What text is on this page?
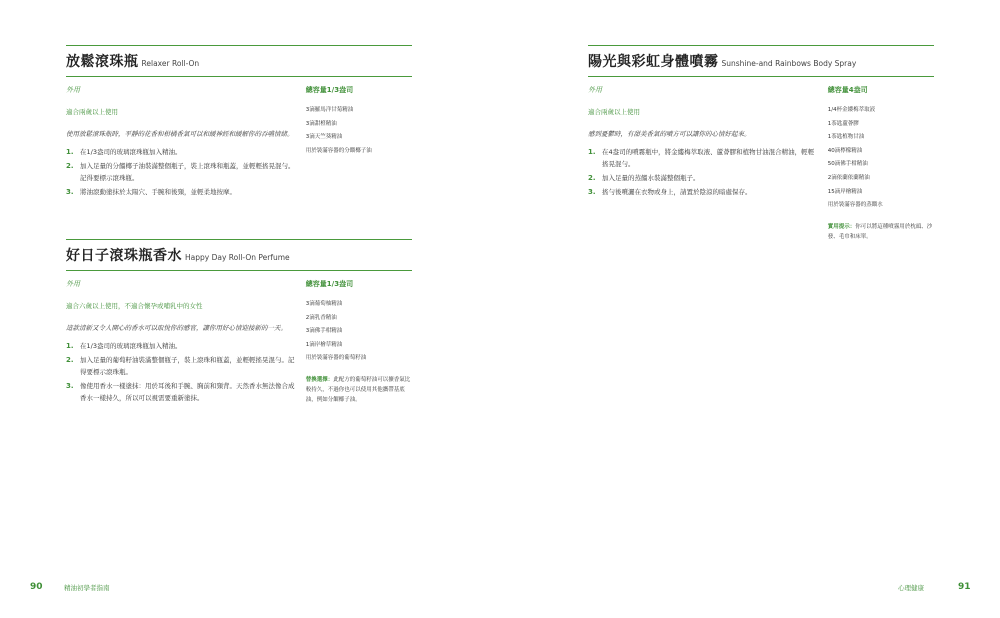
放鬆滾珠瓶 Relaxer Roll-On
外用
適合兩歲以上使用
使用放鬆滾珠瓶時，平靜的花香和柑橘香氣可以和緩神經和緩解你的吞嚥情緒。
1. 在1/3盎司的玻璃滾珠瓶加入精油。
2. 加入足量的分餾椰子油裝滿整個瓶子，裝上滾珠和瓶蓋，並輕輕搖晃混勻。記得要標示滾珠瓶。
3. 將油滾動塗抹於太陽穴、手腕和後頸，並輕柔地按摩。
總容量1/3盎司
3滴羅馬洋甘菊精油
3滴甜橙精油
3滴天竺葵精油
用於裝滿容器的分餾椰子油
好日子滾珠瓶香水 Happy Day Roll-On Perfume
外用
適合六歲以上使用，不適合懷孕或哺乳中的女性
這款清新又令人開心的香水可以取悅你的感官，讓你用好心情迎接新的一天。
1. 在1/3盎司的玻璃滾珠瓶加入精油。
2. 加入足量的葡萄籽油裝滿整個瓶子，裝上滾珠和瓶蓋，並輕輕搖晃混勻。記得要標示滾珠瓶。
3. 像使用香水一樣塗抹：用於耳後和手腕、胸前和頸背。天然香水無法像合成香水一樣持久，所以可以視需要重新塗抹。
總容量1/3盎司
3滴葡萄柚精油
2滴乳香精油
3滴佛手柑精油
1滴岸檜草精油
用於裝滿容器的葡萄籽油
替換選擇：此配方的葡萄籽油可以擴香氣比較持久，不過你也可以使用其他攜帶基底油，例如分餾椰子油。
90	精油初學者指南
陽光與彩虹身體噴霧 Sunshine-and Rainbows Body Spray
外用
適合兩歲以上使用
感到憂鬱時，有甜美香氣的噴方可以讓你的心情好起來。
1. 在4盎司的噴霧瓶中，將金縷梅萃取液、蘆薈膠和植物甘油混合精油，輕輕搖晃混勻。
2. 加入足量的蒸餾水裝滿整個瓶子。
3. 搖勻後噴灑在衣物或身上，請置於陰涼的暗處保存。
總容量4盎司
1/4杯金縷梅萃取液
1茶匙蘆薈膠
1茶匙植物甘油
40滴檸檬精油
50滴佛手柑精油
2滴依蘭依蘭精油
15滴岸檜精油
用於裝滿容器的蒸餾水
實用提示：你可以將這種噴霧用於枕頭、沙發、毛巾和床單。
心理健康	91
